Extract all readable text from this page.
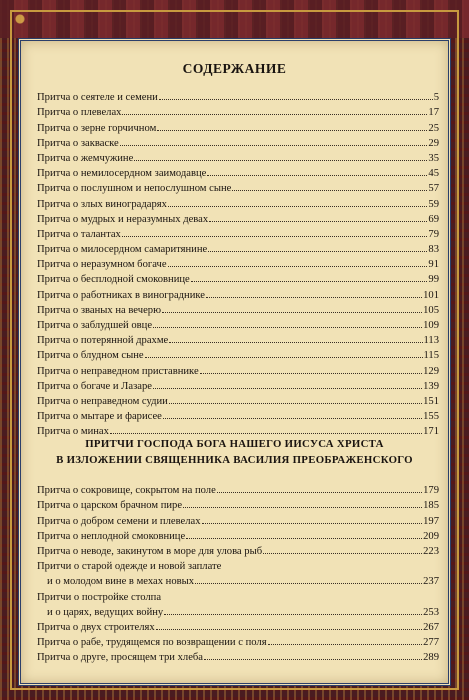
СОДЕРЖАНИЕ
Притча о сеятеле и семени	5
Притча о плевелах	17
Притча о зерне горчичном	25
Притча о закваске	29
Притча о жемчужине	35
Притча о немилосердном заимодавце	45
Притча о послушном и непослушном сыне	57
Притча о злых виноградарях	59
Притча о мудрых и неразумных девах	69
Притча о талантах	79
Притча о милосердном самаритянине	83
Притча о неразумном богаче	91
Притча о бесплодной смоковнице	99
Притча о работниках в винограднике	101
Притча о званых на вечерю	105
Притча о заблудшей овце	109
Притча о потерянной драхме	113
Притча о блудном сыне	115
Притча о неправедном приставнике	129
Притча о богаче и Лазаре	139
Притча о неправедном судии	151
Притча о мытаре и фарисее	155
Притча о минах	171
ПРИТЧИ ГОСПОДА БОГА НАШЕГО ИИСУСА ХРИСТА
В ИЗЛОЖЕНИИ СВЯЩЕННИКА ВАСИЛИЯ ПРЕОБРАЖЕНСКОГО
Притча о сокровище, сокрытом на поле	179
Притча о царском брачном пире	185
Притча о добром семени и плевелах	197
Притча о неплодной смоковнице	209
Притча о неводе, закинутом в море для улова рыб	223
Притчи о старой одежде и новой заплате
и о молодом вине в мехах новых	237
Притчи о постройке столпа
и о царях, ведущих войну	253
Притча о двух строителях	267
Притча о рабе, трудящемся по возвращении с поля	277
Притча о друге, просящем три хлеба	289
